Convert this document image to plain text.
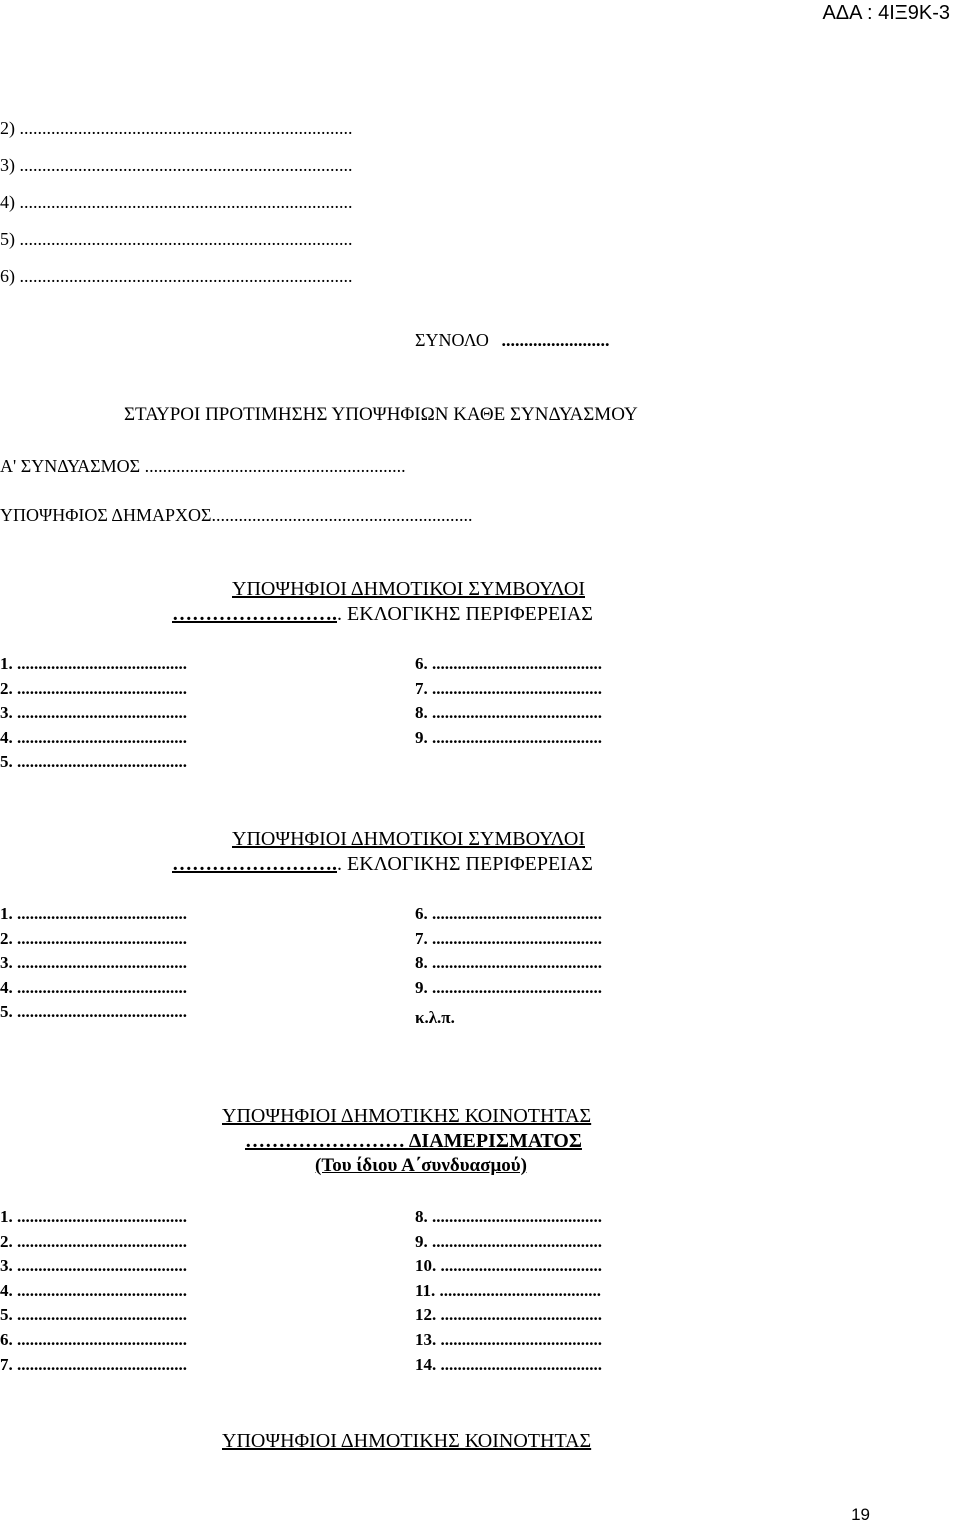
ΑΔΑ : 4ΙΞ9Κ-3
2) ..........................................................................
3) ..........................................................................
4) ..........................................................................
5) ..........................................................................
6) ..........................................................................
ΣΥΝΟΛΟ ........................
ΣΤΑΥΡΟΙ ΠΡΟΤΙΜΗΣΗΣ ΥΠΟΨΗΦΙΩΝ ΚΑΘΕ ΣΥΝΔΥΑΣΜΟΥ
Α' ΣΥΝΔΥΑΣΜΟΣ ..........................................................
ΥΠΟΨΗΦΙΟΣ ΔΗΜΑΡΧΟΣ..........................................................
ΥΠΟΨΗΦΙΟΙ ΔΗΜΟΤΙΚΟΙ ΣΥΜΒΟΥΛΟΙ
…………………….. ΕΚΛΟΓΙΚΗΣ ΠΕΡΙΦΕΡΕΙΑΣ
1. ........................................
2. ........................................
3. ........................................
4. ........................................
5. ........................................
6. ........................................
7. ........................................
8. ........................................
9. ........................................
ΥΠΟΨΗΦΙΟΙ ΔΗΜΟΤΙΚΟΙ ΣΥΜΒΟΥΛΟΙ
…………………….. ΕΚΛΟΓΙΚΗΣ ΠΕΡΙΦΕΡΕΙΑΣ
1. ........................................
2. ........................................
3. ........................................
4. ........................................
5. ........................................
6. ........................................
7. ........................................
8. ........................................
9. ........................................
κ.λ.π.
ΥΠΟΨΗΦΙΟΙ ΔΗΜΟΤΙΚΗΣ ΚΟΙΝΟΤΗΤΑΣ
…………………… ΔΙΑΜΕΡΙΣΜΑΤΟΣ
(Του ίδιου Α΄συνδυασμού)
1. ........................................
2. ........................................
3. ........................................
4. ........................................
5. ........................................
6. ........................................
7. ........................................
8. ........................................
9. ........................................
10. ......................................
11. ......................................
12. ......................................
13. ......................................
14. ......................................
ΥΠΟΨΗΦΙΟΙ ΔΗΜΟΤΙΚΗΣ ΚΟΙΝΟΤΗΤΑΣ
19
